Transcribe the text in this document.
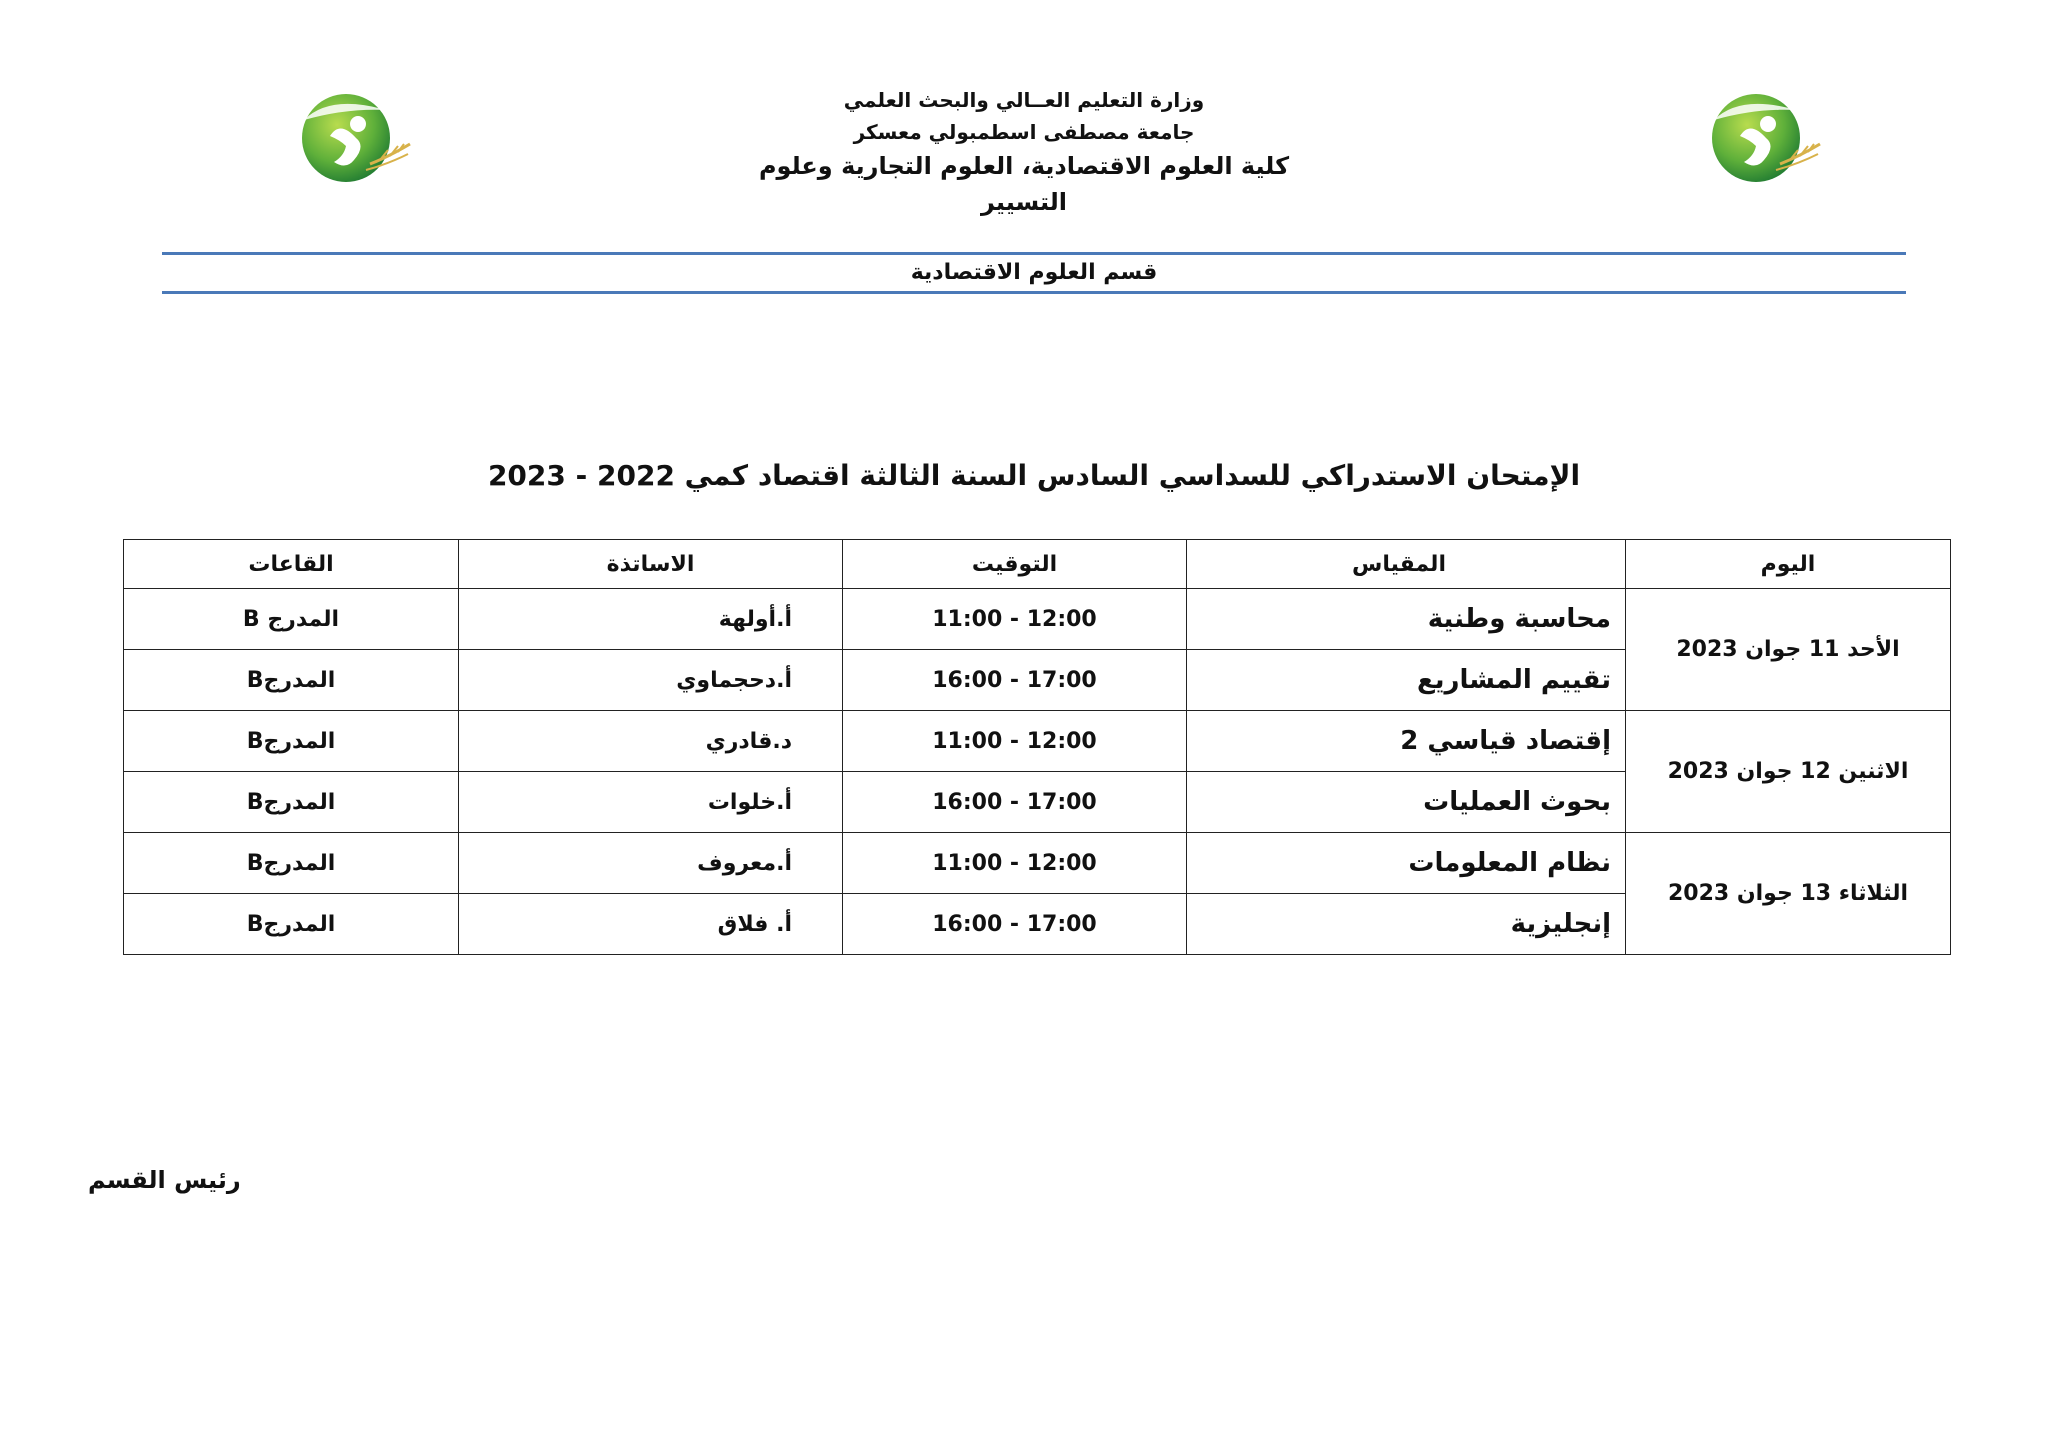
وزارة التعليم العــالي والبحث العلمي
جامعة مصطفى اسطمبولي معسكر
كلية العلوم الاقتصادية، العلوم التجارية وعلوم التسيير
قسم العلوم الاقتصادية
الإمتحان الاستدراكي للسداسي السادس السنة الثالثة اقتصاد كمي 2022 - 2023
اليوم	المقياس	التوقيت	الاساتذة	القاعات
الأحد 11 جوان 2023	محاسبة وطنية	11:00 - 12:00	أ.أولهة	المدرج B
	تقييم المشاريع	16:00 - 17:00	أ.دحجماوي	المدرجB
الاثنين 12 جوان 2023	إقتصاد قياسي 2	11:00 - 12:00	د.قادري	المدرجB
	بحوث العمليات	16:00 - 17:00	أ.خلوات	المدرجB
الثلاثاء 13 جوان 2023	نظام المعلومات	11:00 - 12:00	أ.معروف	المدرجB
	إنجليزية	16:00 - 17:00	أ. فلاق	المدرجB
رئيس القسم
